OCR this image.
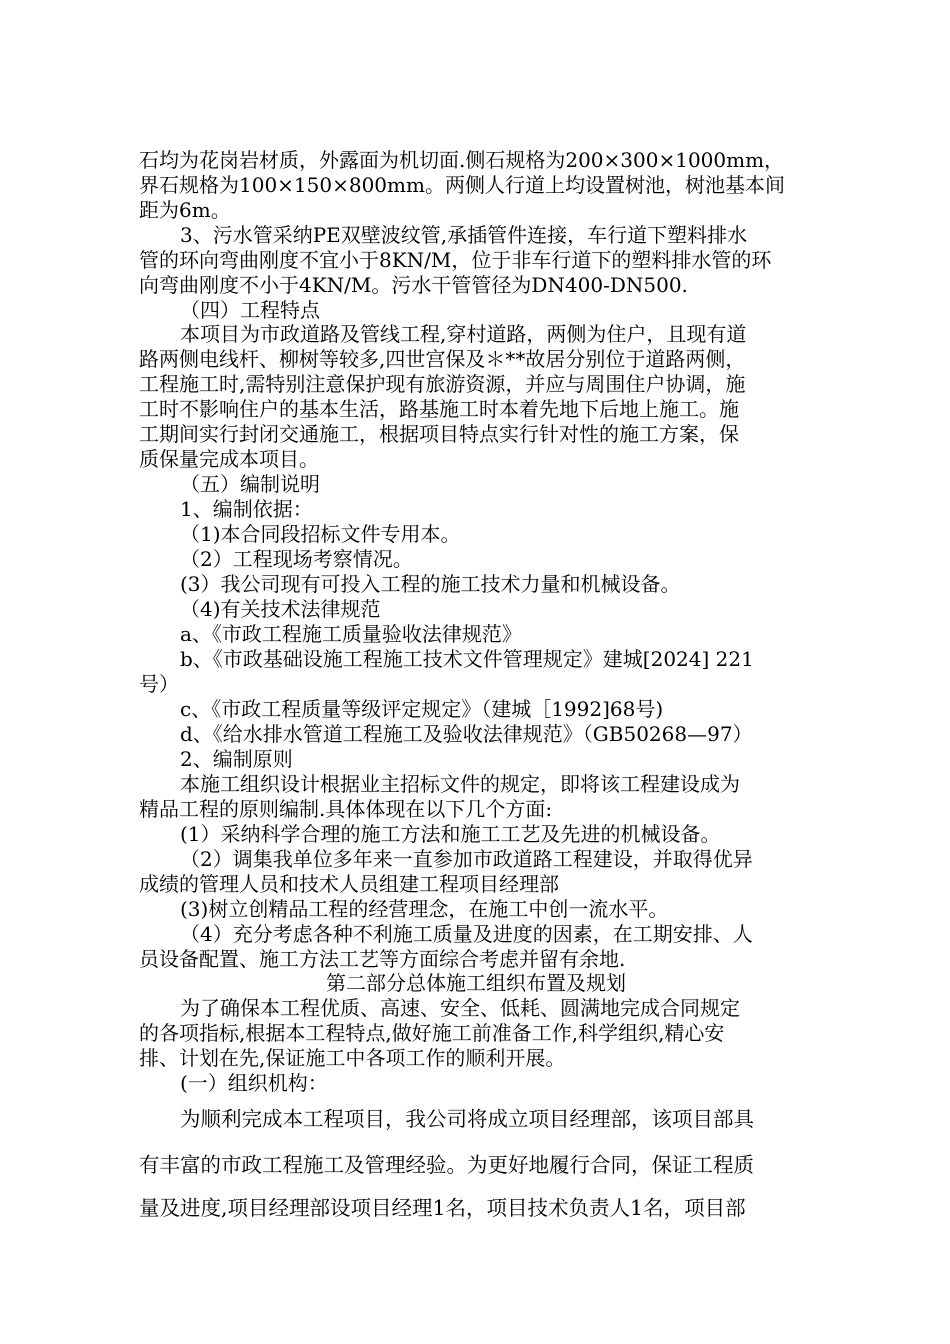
石均为花岗岩材质，外露面为机切面.侧石规格为200×300×1000mm，
界石规格为100×150×800mm。两侧人行道上均设置树池，树池基本间
距为6m。
3、污水管采纳PE双壁波纹管,承插管件连接，车行道下塑料排水
管的环向弯曲刚度不宜小于8KN/M，位于非车行道下的塑料排水管的环
向弯曲刚度不小于4KN/M。污水干管管径为DN400-DN500.
（四）工程特点
本项目为市政道路及管线工程,穿村道路，两侧为住户，且现有道
路两侧电线杆、柳树等较多,四世宫保及＊**故居分别位于道路两侧，
工程施工时,需特别注意保护现有旅游资源，并应与周围住户协调，施
工时不影响住户的基本生活，路基施工时本着先地下后地上施工。施
工期间实行封闭交通施工，根据项目特点实行针对性的施工方案，保
质保量完成本项目。
（五）编制说明
1、编制依据：
（1)本合同段招标文件专用本。
（2）工程现场考察情况。
(3）我公司现有可投入工程的施工技术力量和机械设备。
（4)有关技术法律规范
a、《市政工程施工质量验收法律规范》
b、《市政基础设施工程施工技术文件管理规定》建城[2024] 221
号）
c、《市政工程质量等级评定规定》（建城［1992]68号)
d、《给水排水管道工程施工及验收法律规范》（GB50268—97）
2、编制原则
本施工组织设计根据业主招标文件的规定，即将该工程建设成为
精品工程的原则编制.具体体现在以下几个方面:
(1）采纳科学合理的施工方法和施工工艺及先进的机械设备。
（2）调集我单位多年来一直参加市政道路工程建设，并取得优异
成绩的管理人员和技术人员组建工程项目经理部
(3)树立创精品工程的经营理念，在施工中创一流水平。
（4）充分考虑各种不利施工质量及进度的因素，在工期安排、人
员设备配置、施工方法工艺等方面综合考虑并留有余地.
第二部分总体施工组织布置及规划
为了确保本工程优质、高速、安全、低耗、圆满地完成合同规定
的各项指标,根据本工程特点,做好施工前准备工作,科学组织,精心安
排、计划在先,保证施工中各项工作的顺利开展。
(一）组织机构：
为顺利完成本工程项目，我公司将成立项目经理部，该项目部具
有丰富的市政工程施工及管理经验。为更好地履行合同，保证工程质
量及进度,项目经理部设项目经理1名，项目技术负责人1名，项目部
